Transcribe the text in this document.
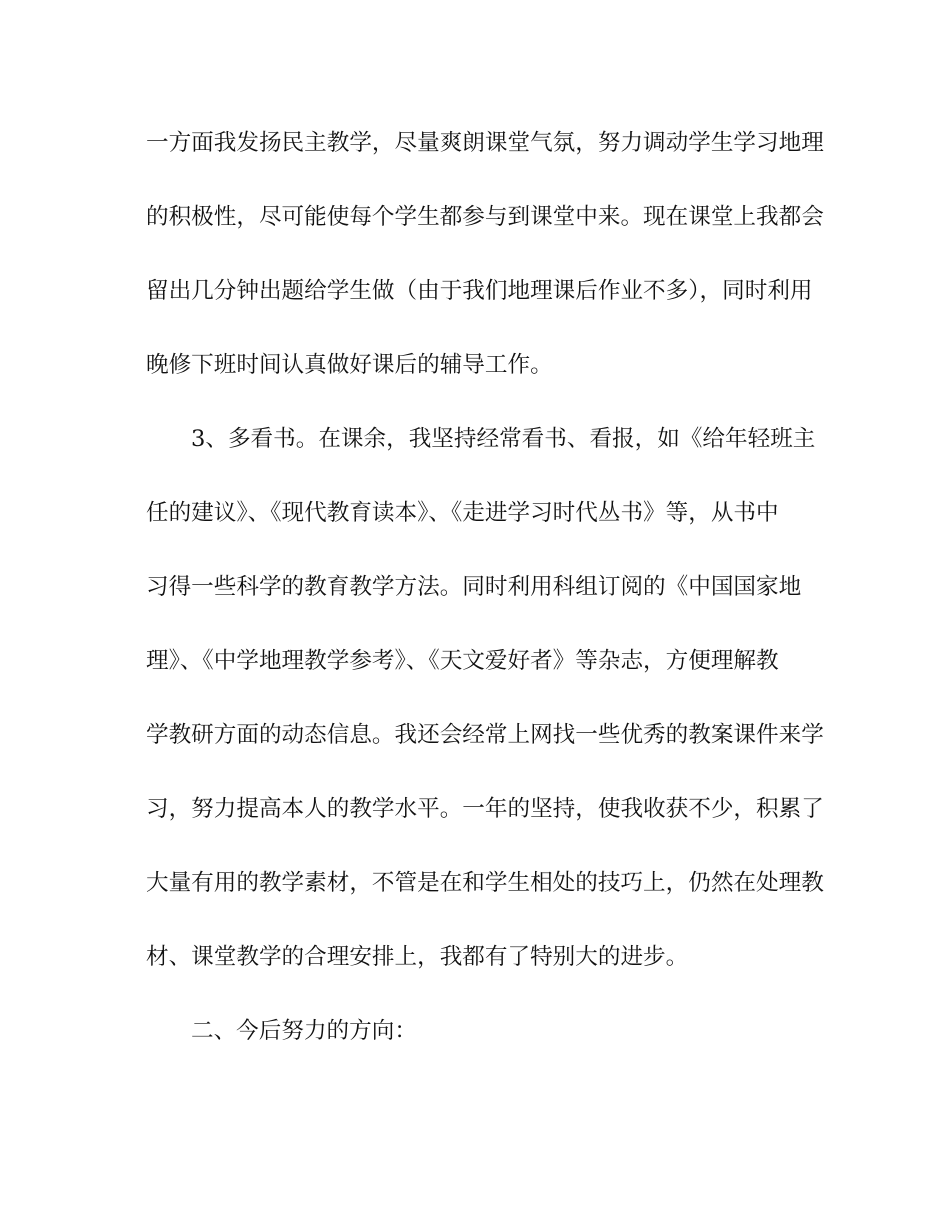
一方面我发扬民主教学，尽量爽朗课堂气氛，努力调动学生学习地理

的积极性，尽可能使每个学生都参与到课堂中来。现在课堂上我都会

留出几分钟出题给学生做（由于我们地理课后作业不多），同时利用

晚修下班时间认真做好课后的辅导工作。

3、多看书。在课余，我坚持经常看书、看报，如《给年轻班主

任的建议》、《现代教育读本》、《走进学习时代丛书》等，从书中

习得一些科学的教育教学方法。同时利用科组订阅的《中国国家地

理》、《中学地理教学参考》、《天文爱好者》等杂志，方便理解教

学教研方面的动态信息。我还会经常上网找一些优秀的教案课件来学

习，努力提高本人的教学水平。一年的坚持，使我收获不少，积累了

大量有用的教学素材，不管是在和学生相处的技巧上，仍然在处理教

材、课堂教学的合理安排上，我都有了特别大的进步。

二、今后努力的方向：
